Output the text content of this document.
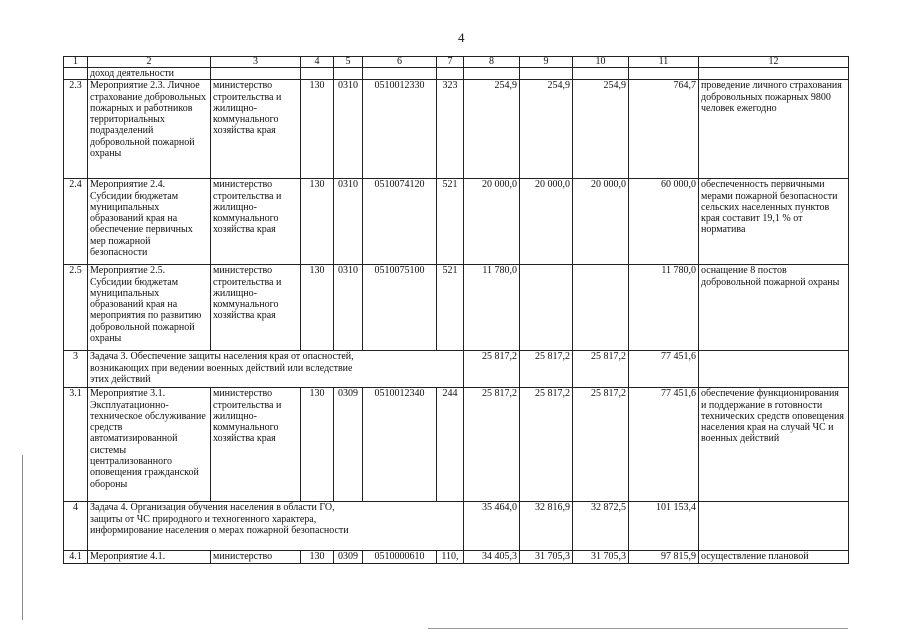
4
1	2	3	4	5	6	7	8	9	10	11	12
	доход деятельности										
2.3	Мероприятие 2.3. Личное страхование добровольных пожарных и работников территориальных подразделений добровольной пожарной охраны	министерство строительства и жилищно-коммунального хозяйства края	130	0310	0510012330	323	254,9	254,9	254,9	764,7	проведение личного страхования добровольных пожарных 9800 человек ежегодно
2.4	Мероприятие 2.4. Субсидии бюджетам муниципальных образований края на обеспечение первичных мер пожарной безопасности	министерство строительства и жилищно-коммунального хозяйства края	130	0310	0510074120	521	20 000,0	20 000,0	20 000,0	60 000,0	обеспеченность первичными мерами пожарной безопасности сельских населенных пунктов края составит 19,1 % от норматива
2.5	Мероприятие 2.5. Субсидии бюджетам муниципальных образований края на мероприятия по развитию добровольной пожарной охраны	министерство строительства и жилищно-коммунального хозяйства края	130	0310	0510075100	521	11 780,0			11 780,0	оснащение 8 постов добровольной пожарной охраны
3	Задача 3. Обеспечение защиты населения края от опасностей, возникающих при ведении военных действий или вследствие этих действий						25 817,2	25 817,2	25 817,2	77 451,6	
3.1	Мероприятие 3.1. Эксплуатационно-техническое обслуживание средств автоматизированной системы централизованного оповещения гражданской обороны	министерство строительства и жилищно-коммунального хозяйства края	130	0309	0510012340	244	25 817,2	25 817,2	25 817,2	77 451,6	обеспечение функционирования и поддержание в готовности технических средств оповещения населения края на случай ЧС и военных действий
4	Задача 4. Организация обучения населения в области ГО, защиты от ЧС природного и техногенного характера, информирование населения о мерах пожарной безопасности						35 464,0	32 816,9	32 872,5	101 153,4	
4.1	Мероприятие 4.1.	министерство	130	0309	0510000610	110,	34 405,3	31 705,3	31 705,3	97 815,9	осуществление плановой
